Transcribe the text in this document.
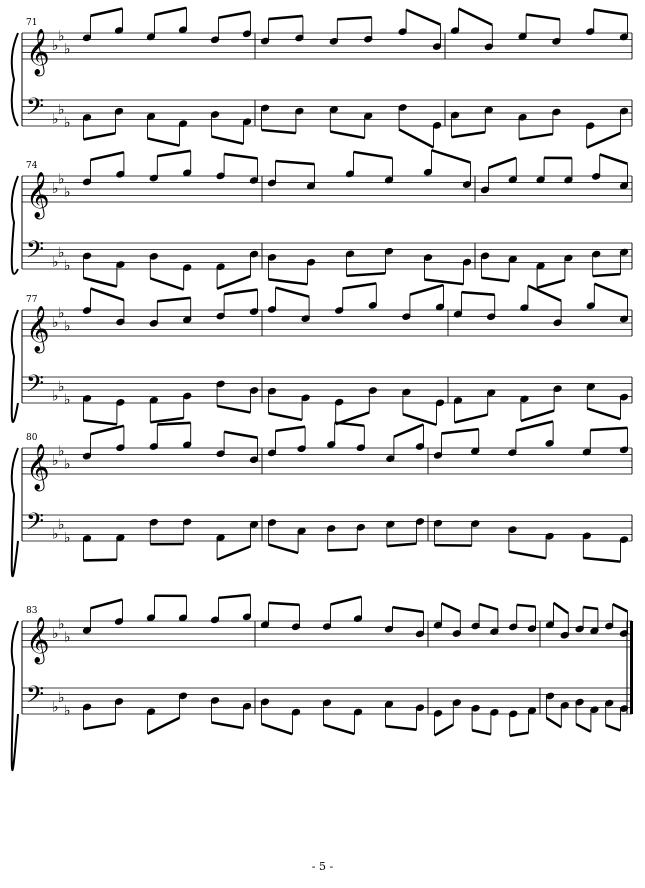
𝄞
𝄢
♭
♭
♭
♭
♭
♭
71
𝄞
𝄢
♭
♭
♭
♭
♭
♭
74
𝄞
𝄢
♭
♭
♭
♭
♭
♭
77
𝄞
𝄢
♭
♭
♭
♭
♭
♭
80
𝄞
𝄢
♭
♭
♭
♭
♭
♭
83
- 5 -
